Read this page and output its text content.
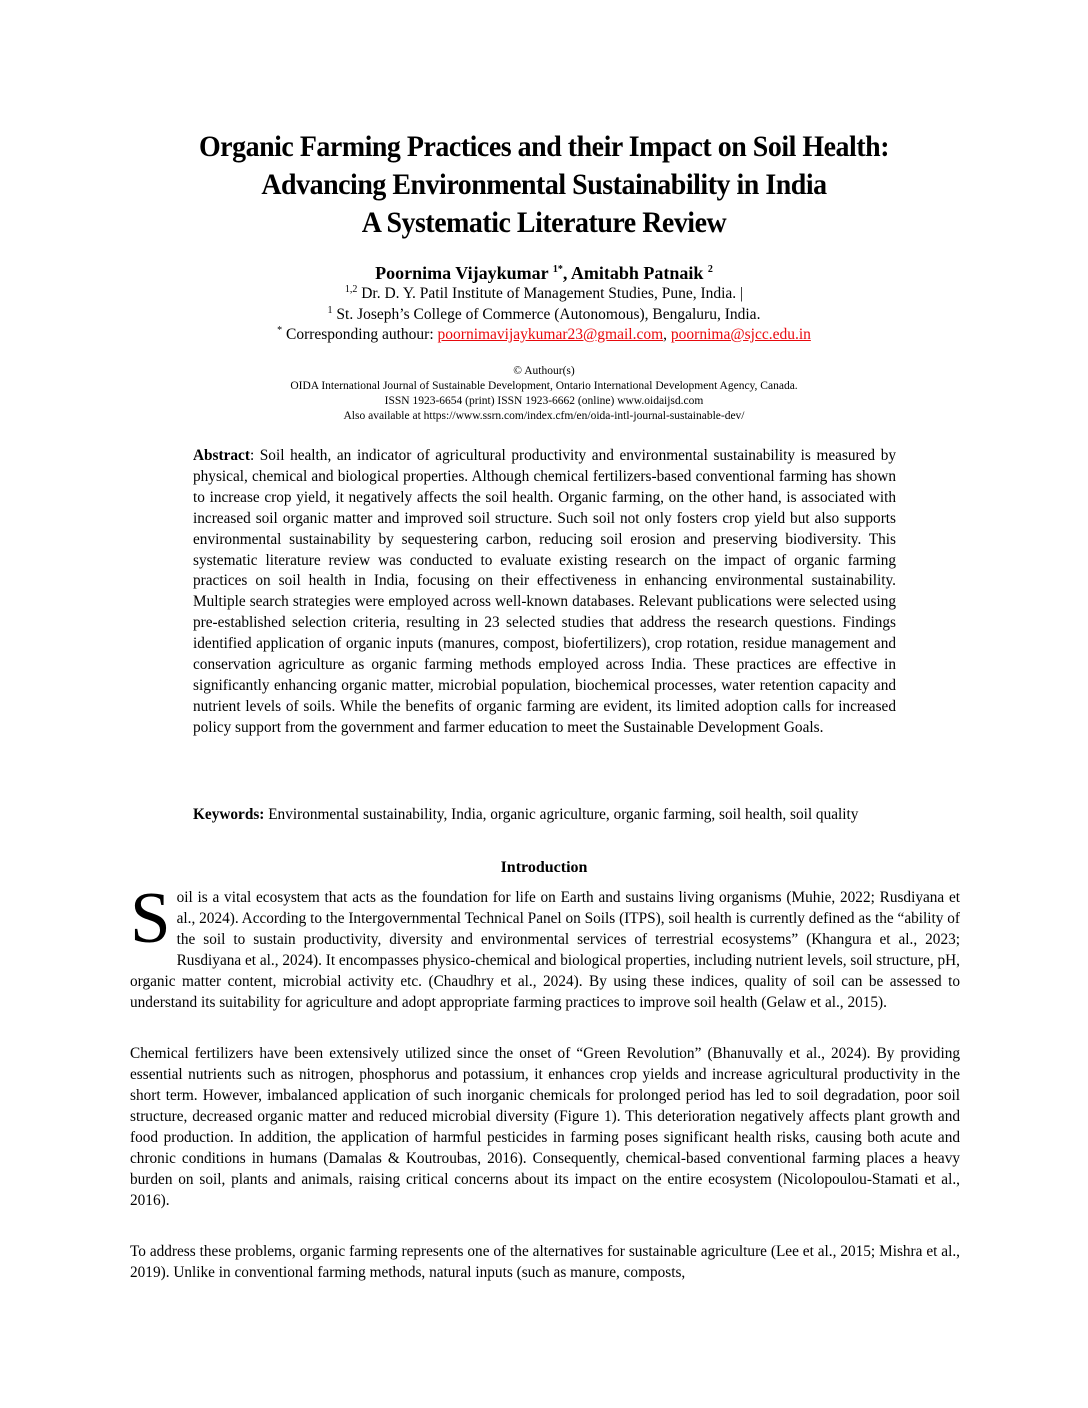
Organic Farming Practices and their Impact on Soil Health:
Advancing Environmental Sustainability in India
A Systematic Literature Review
Poornima Vijaykumar $^{1*}$, Amitabh Patnaik $^2$
$^{1,2}$ Dr. D. Y. Patil Institute of Management Studies, Pune, India. |
$^1$ St. Joseph’s College of Commerce (Autonomous), Bengaluru, India.
* Corresponding authour: poornimavijaykumar23@gmail.com, poornima@sjcc.edu.in
© Authour(s)
OIDA International Journal of Sustainable Development, Ontario International Development Agency, Canada.
ISSN 1923-6654 (print) ISSN 1923-6662 (online) www.oidaijsd.com
Also available at https://www.ssrn.com/index.cfm/en/oida-intl-journal-sustainable-dev/
Abstract: Soil health, an indicator of agricultural productivity and environmental sustainability is measured by physical, chemical and biological properties. Although chemical fertilizers-based conventional farming has shown to increase crop yield, it negatively affects the soil health. Organic farming, on the other hand, is associated with increased soil organic matter and improved soil structure. Such soil not only fosters crop yield but also supports environmental sustainability by sequestering carbon, reducing soil erosion and preserving biodiversity. This systematic literature review was conducted to evaluate existing research on the impact of organic farming practices on soil health in India, focusing on their effectiveness in enhancing environmental sustainability. Multiple search strategies were employed across well-known databases. Relevant publications were selected using pre-established selection criteria, resulting in 23 selected studies that address the research questions. Findings identified application of organic inputs (manures, compost, biofertilizers), crop rotation, residue management and conservation agriculture as organic farming methods employed across India. These practices are effective in significantly enhancing organic matter, microbial population, biochemical processes, water retention capacity and nutrient levels of soils. While the benefits of organic farming are evident, its limited adoption calls for increased policy support from the government and farmer education to meet the Sustainable Development Goals.
Keywords: Environmental sustainability, India, organic agriculture, organic farming, soil health, soil quality
Introduction
Soil is a vital ecosystem that acts as the foundation for life on Earth and sustains living organisms (Muhie, 2022; Rusdiyana et al., 2024). According to the Intergovernmental Technical Panel on Soils (ITPS), soil health is currently defined as the “ability of the soil to sustain productivity, diversity and environmental services of terrestrial ecosystems” (Khangura et al., 2023; Rusdiyana et al., 2024). It encompasses physico-chemical and biological properties, including nutrient levels, soil structure, pH, organic matter content, microbial activity etc. (Chaudhry et al., 2024). By using these indices, quality of soil can be assessed to understand its suitability for agriculture and adopt appropriate farming practices to improve soil health (Gelaw et al., 2015).
Chemical fertilizers have been extensively utilized since the onset of “Green Revolution” (Bhanuvally et al., 2024). By providing essential nutrients such as nitrogen, phosphorus and potassium, it enhances crop yields and increase agricultural productivity in the short term. However, imbalanced application of such inorganic chemicals for prolonged period has led to soil degradation, poor soil structure, decreased organic matter and reduced microbial diversity (Figure 1). This deterioration negatively affects plant growth and food production. In addition, the application of harmful pesticides in farming poses significant health risks, causing both acute and chronic conditions in humans (Damalas & Koutroubas, 2016). Consequently, chemical-based conventional farming places a heavy burden on soil, plants and animals, raising critical concerns about its impact on the entire ecosystem (Nicolopoulou-Stamati et al., 2016).
To address these problems, organic farming represents one of the alternatives for sustainable agriculture (Lee et al., 2015; Mishra et al., 2019). Unlike in conventional farming methods, natural inputs (such as manure, composts,
